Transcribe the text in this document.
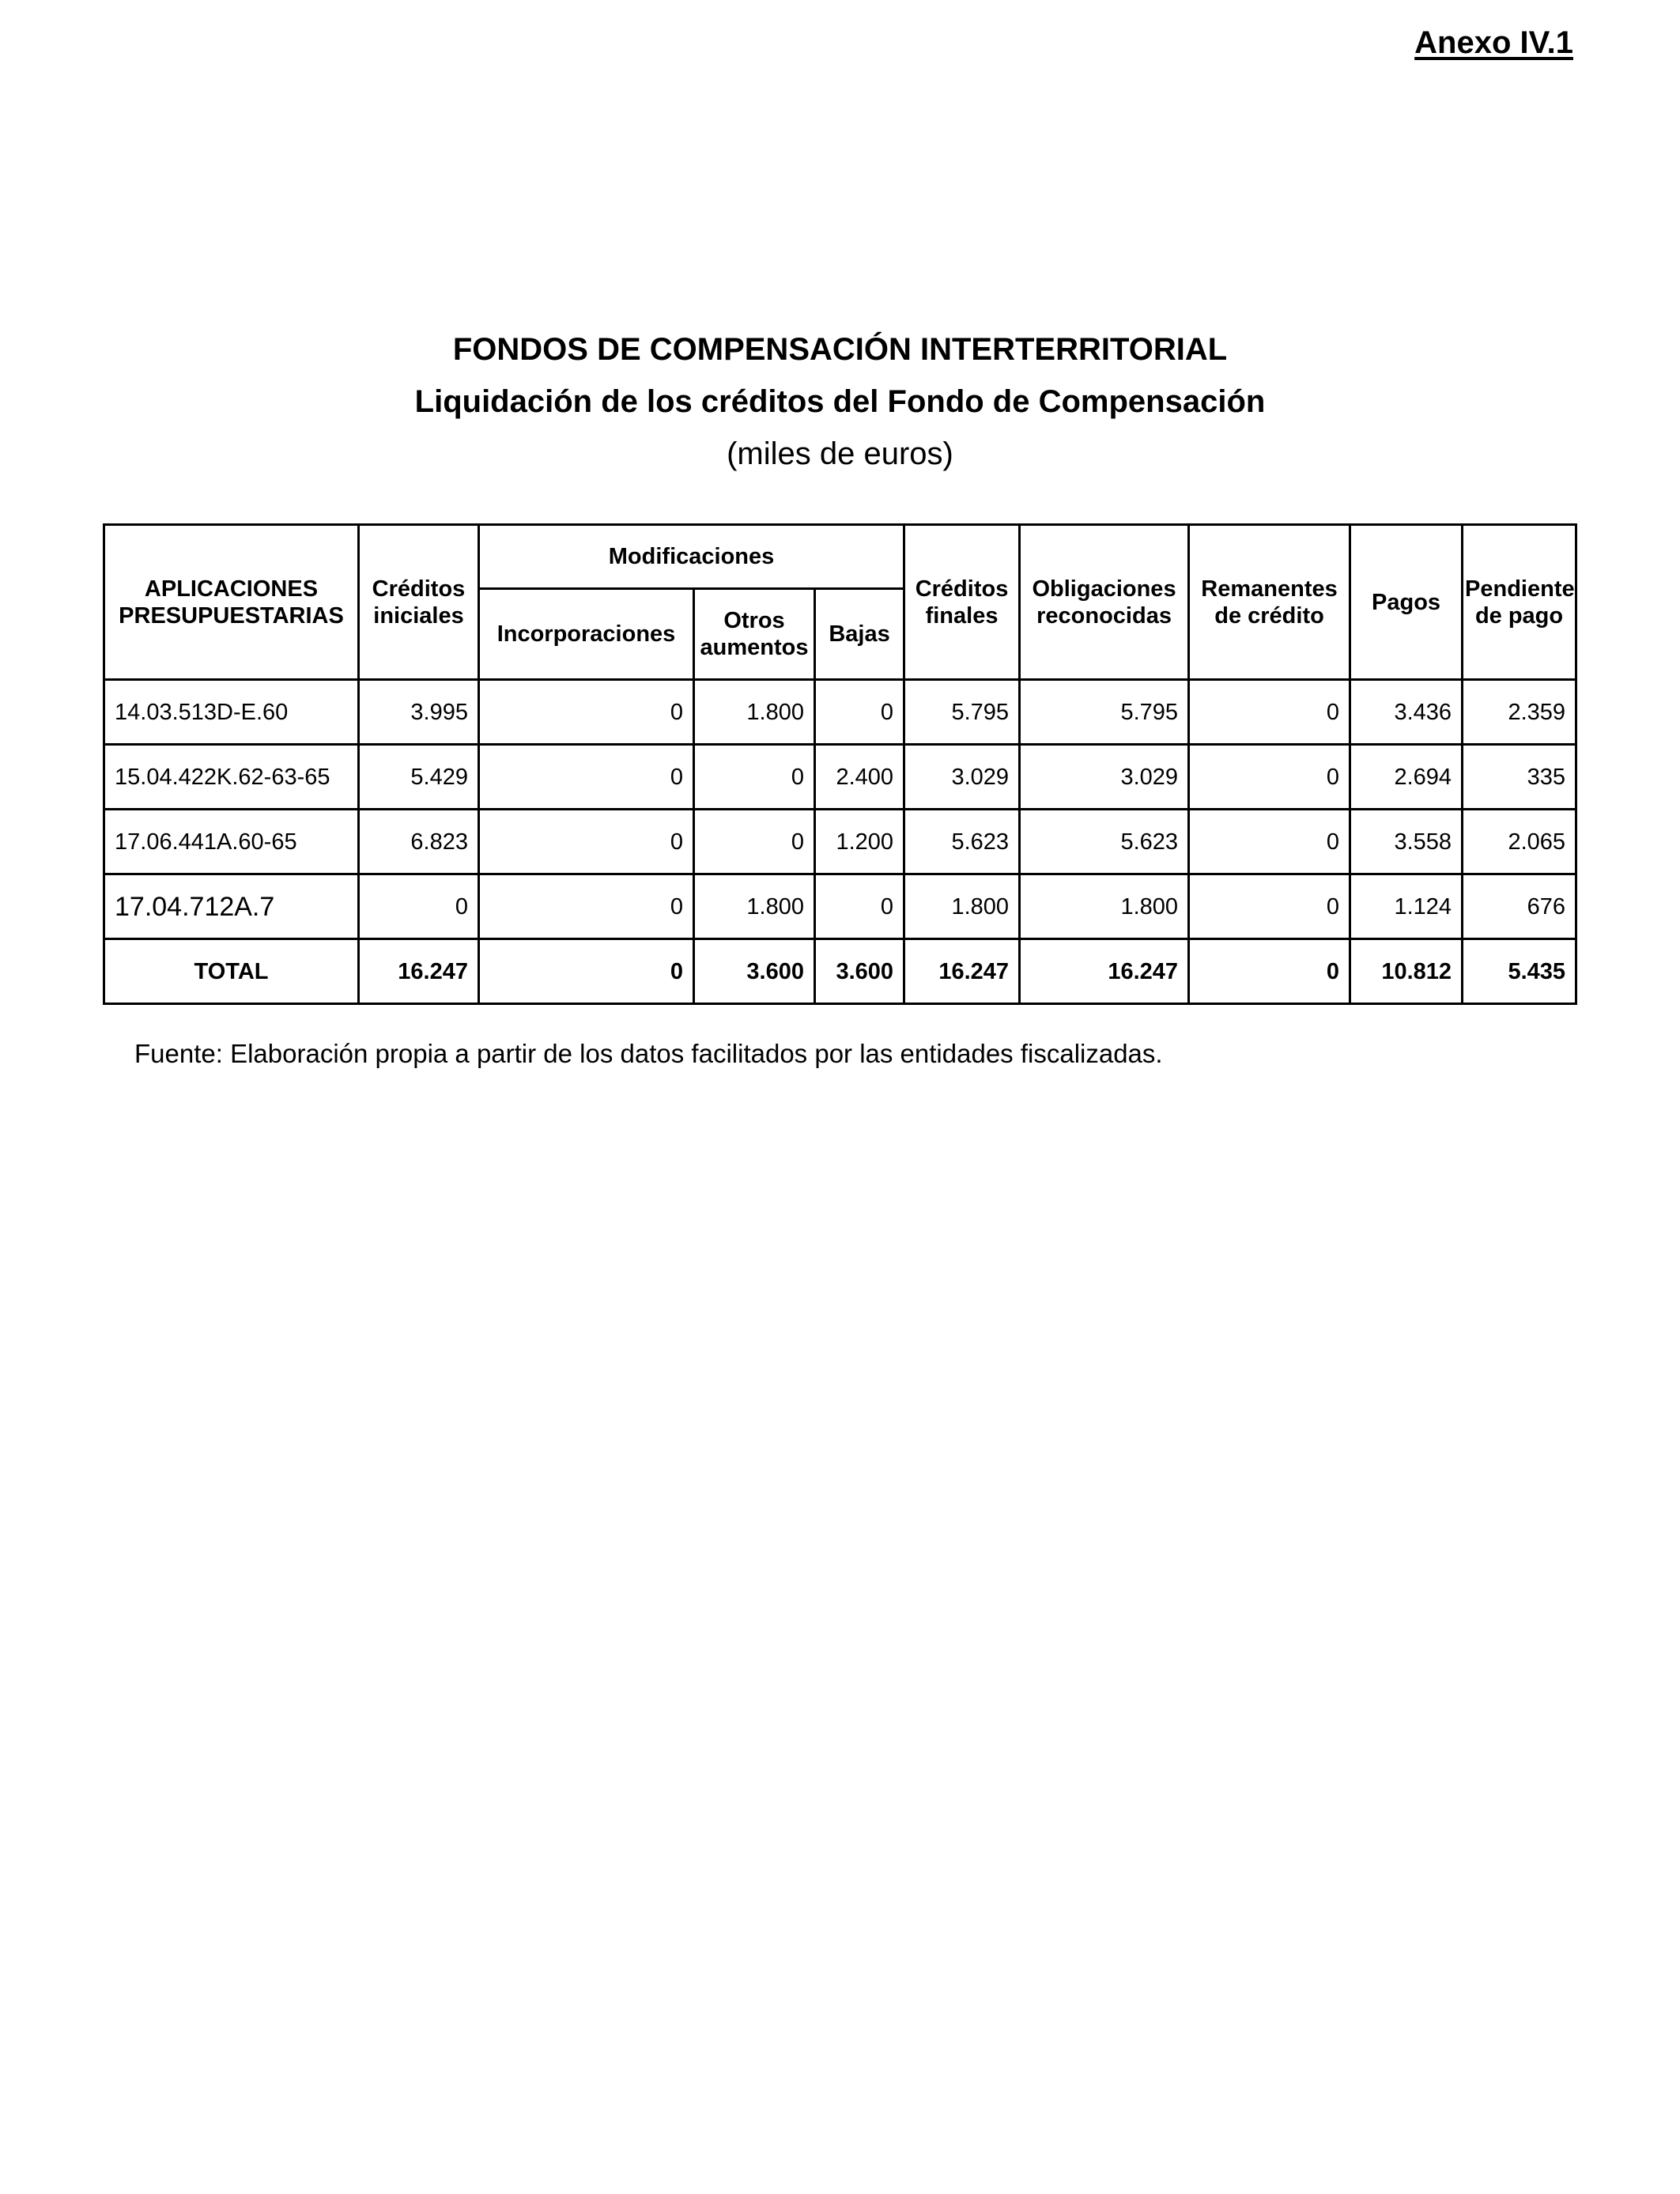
Anexo IV.1
FONDOS DE COMPENSACIÓN INTERTERRITORIAL
Liquidación de los créditos del Fondo de Compensación
(miles de euros)
APLICACIONES PRESUPUESTARIAS	Créditos iniciales	Modificaciones			Créditos finales	Obligaciones reconocidas	Remanentes de crédito	Pagos	Pendiente de pago
		Incorporaciones	Otros aumentos	Bajas					
14.03.513D-E.60	3.995	0	1.800	0	5.795	5.795	0	3.436	2.359
15.04.422K.62-63-65	5.429	0	0	2.400	3.029	3.029	0	2.694	335
17.06.441A.60-65	6.823	0	0	1.200	5.623	5.623	0	3.558	2.065
17.04.712A.7	0	0	1.800	0	1.800	1.800	0	1.124	676
TOTAL	16.247	0	3.600	3.600	16.247	16.247	0	10.812	5.435
Fuente: Elaboración propia a partir de los datos facilitados por las entidades fiscalizadas.
